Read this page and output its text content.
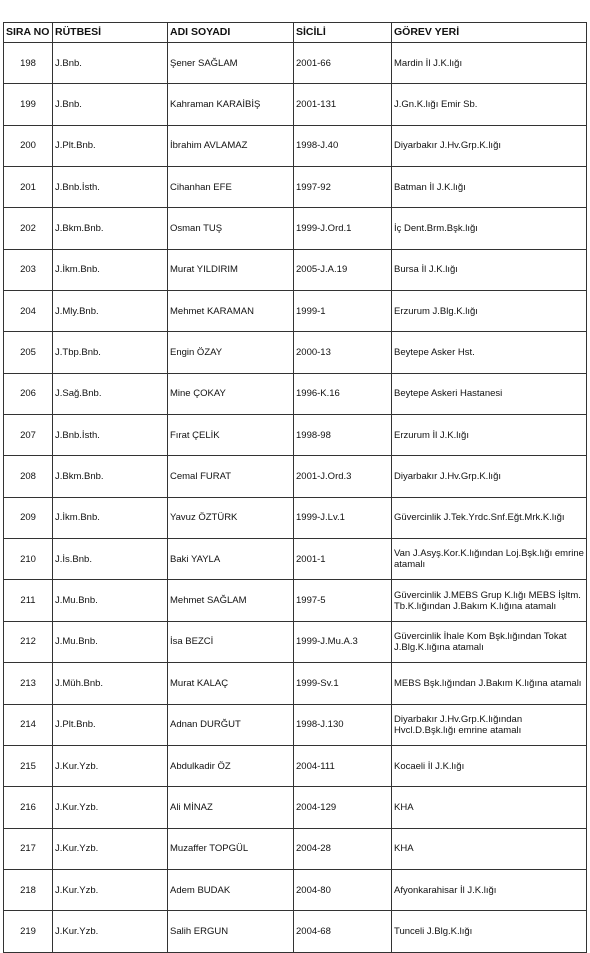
SIRA NO	RÜTBESİ	ADI SOYADI	SİCİLİ	GÖREV YERİ
198	J.Bnb.	Şener SAĞLAM	2001-66	Mardin İl J.K.lığı
199	J.Bnb.	Kahraman KARAİBİŞ	2001-131	J.Gn.K.lığı Emir Sb.
200	J.Plt.Bnb.	İbrahim AVLAMAZ	1998-J.40	Diyarbakır J.Hv.Grp.K.lığı
201	J.Bnb.İsth.	Cihanhan EFE	1997-92	Batman İl J.K.lığı
202	J.Bkm.Bnb.	Osman TUŞ	1999-J.Ord.1	İç Dent.Brm.Bşk.lığı
203	J.İkm.Bnb.	Murat YILDIRIM	2005-J.A.19	Bursa İl J.K.lığı
204	J.Mly.Bnb.	Mehmet KARAMAN	1999-1	Erzurum J.Blg.K.lığı
205	J.Tbp.Bnb.	Engin ÖZAY	2000-13	Beytepe Asker Hst.
206	J.Sağ.Bnb.	Mine ÇOKAY	1996-K.16	Beytepe Askeri Hastanesi
207	J.Bnb.İsth.	Fırat ÇELİK	1998-98	Erzurum İl J.K.lığı
208	J.Bkm.Bnb.	Cemal FURAT	2001-J.Ord.3	Diyarbakır J.Hv.Grp.K.lığı
209	J.İkm.Bnb.	Yavuz ÖZTÜRK	1999-J.Lv.1	Güvercinlik J.Tek.Yrdc.Snf.Eğt.Mrk.K.lığı
210	J.İs.Bnb.	Baki YAYLA	2001-1	Van J.Asyş.Kor.K.lığından Loj.Bşk.lığı emrine atamalı
211	J.Mu.Bnb.	Mehmet SAĞLAM	1997-5	Güvercinlik J.MEBS Grup K.lığı MEBS İşltm. Tb.K.lığından J.Bakım K.lığına atamalı
212	J.Mu.Bnb.	İsa BEZCİ	1999-J.Mu.A.3	Güvercinlik İhale Kom Bşk.lığından Tokat J.Blg.K.lığına atamalı
213	J.Müh.Bnb.	Murat KALAÇ	1999-Sv.1	MEBS Bşk.lığından J.Bakım K.lığına atamalı
214	J.Plt.Bnb.	Adnan DURĞUT	1998-J.130	Diyarbakır J.Hv.Grp.K.lığından Hvcl.D.Bşk.lığı emrine atamalı
215	J.Kur.Yzb.	Abdulkadir ÖZ	2004-111	Kocaeli İl J.K.lığı
216	J.Kur.Yzb.	Ali MİNAZ	2004-129	KHA
217	J.Kur.Yzb.	Muzaffer TOPGÜL	2004-28	KHA
218	J.Kur.Yzb.	Adem BUDAK	2004-80	Afyonkarahisar İl J.K.lığı
219	J.Kur.Yzb.	Salih ERGUN	2004-68	Tunceli J.Blg.K.lığı
